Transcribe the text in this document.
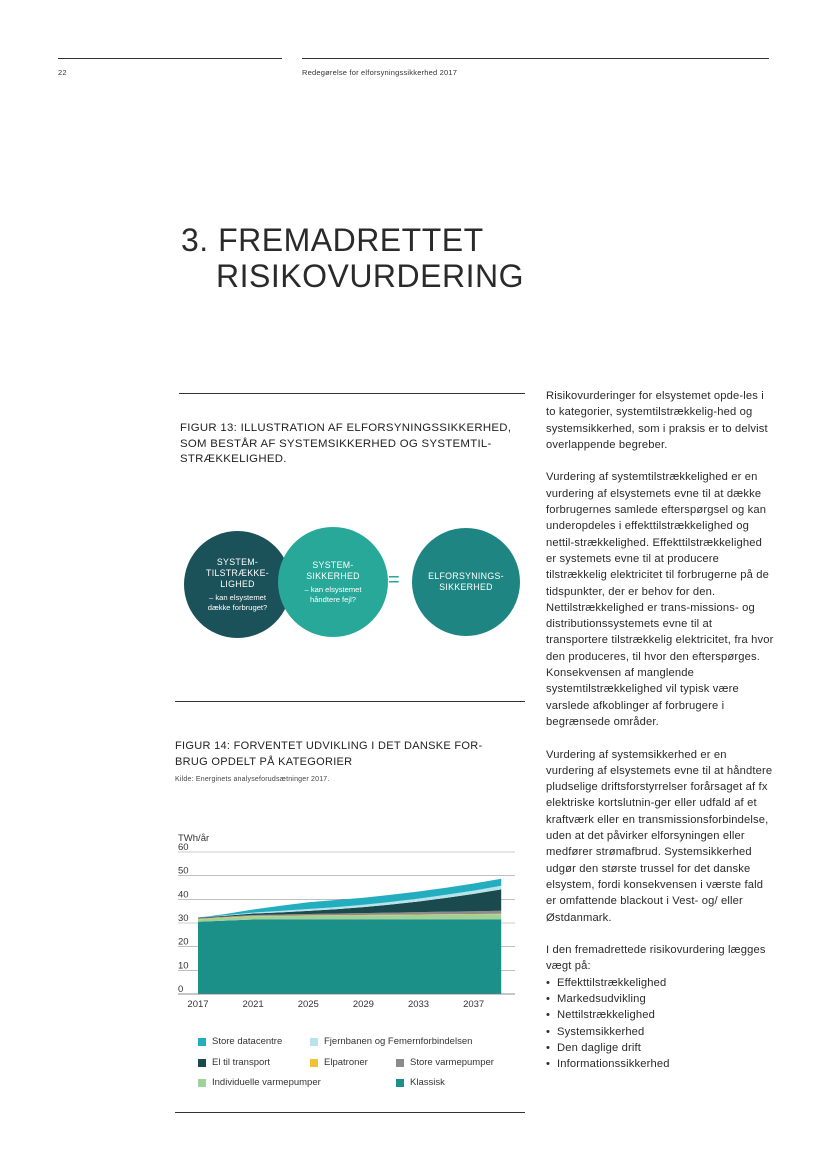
22	Redegørelse for elforsyningssikkerhed 2017
3. FREMADRETTET
RISIKOVURDERING
FIGUR 13: ILLUSTRATION AF ELFORSYNINGSSIKKERHED, SOM BESTÅR AF SYSTEMSIKKERHED OG SYSTEMTIL-STRÆKKELIGHED.
SYSTEM-
TILSTRÆKKE-
LIGHED
– kan elsystemet
dække forbruget?
SYSTEM-
SIKKERHED
– kan elsystemet
håndtere fejl?
=	ELFORSYNINGS-
SIKKERHED
FIGUR 14: FORVENTET UDVIKLING I DET DANSKE FOR-BRUG OPDELT PÅ KATEGORIER
Kilde: Energinets analyseforudsætninger 2017.
TWh/år
0
10
20
30
40
50
60
2017	2021	2025	2029	2033	2037
Store datacentre	Fjernbanen og Femernforbindelsen
El til transport	Elpatroner	Store varmepumper
Individuelle varmepumper	Klassisk

Risikovurderinger for elsystemet opde-les i to kategorier, systemtilstrækkelig-hed og systemsikkerhed, som i praksis er to delvist overlappende begreber.

Vurdering af systemtilstrækkelighed er en vurdering af elsystemets evne til at dække forbrugernes samlede efterspørgsel og kan underopdeles i effekttilstrækkelighed og nettil-strækkelighed. Effekttilstrækkelighed er systemets evne til at producere tilstrækkelig elektricitet til forbrugerne på de tidspunkter, der er behov for den. Nettilstrækkelighed er trans-missions- og distributionssystemets evne til at transportere tilstrækkelig elektricitet, fra hvor den produceres, til hvor den efterspørges. Konsekvensen af manglende systemtilstrækkelighed vil typisk være varslede afkoblinger af forbrugere i begrænsede områder.

Vurdering af systemsikkerhed er en vurdering af elsystemets evne til at håndtere pludselige driftsforstyrrelser forårsaget af fx elektriske kortslutnin-ger eller udfald af et kraftværk eller en transmissionsforbindelse, uden at det påvirker elforsyningen eller medfører strømafbrud. Systemsikkerhed udgør den største trussel for det danske elsystem, fordi konsekvensen i værste fald er omfattende blackout i Vest- og/ eller Østdanmark.

I den fremadrettede risikovurdering lægges vægt på:

• Effekttilstrækkelighed
• Markedsudvikling
• Nettilstrækkelighed
• Systemsikkerhed
• Den daglige drift
• Informationssikkerhed
